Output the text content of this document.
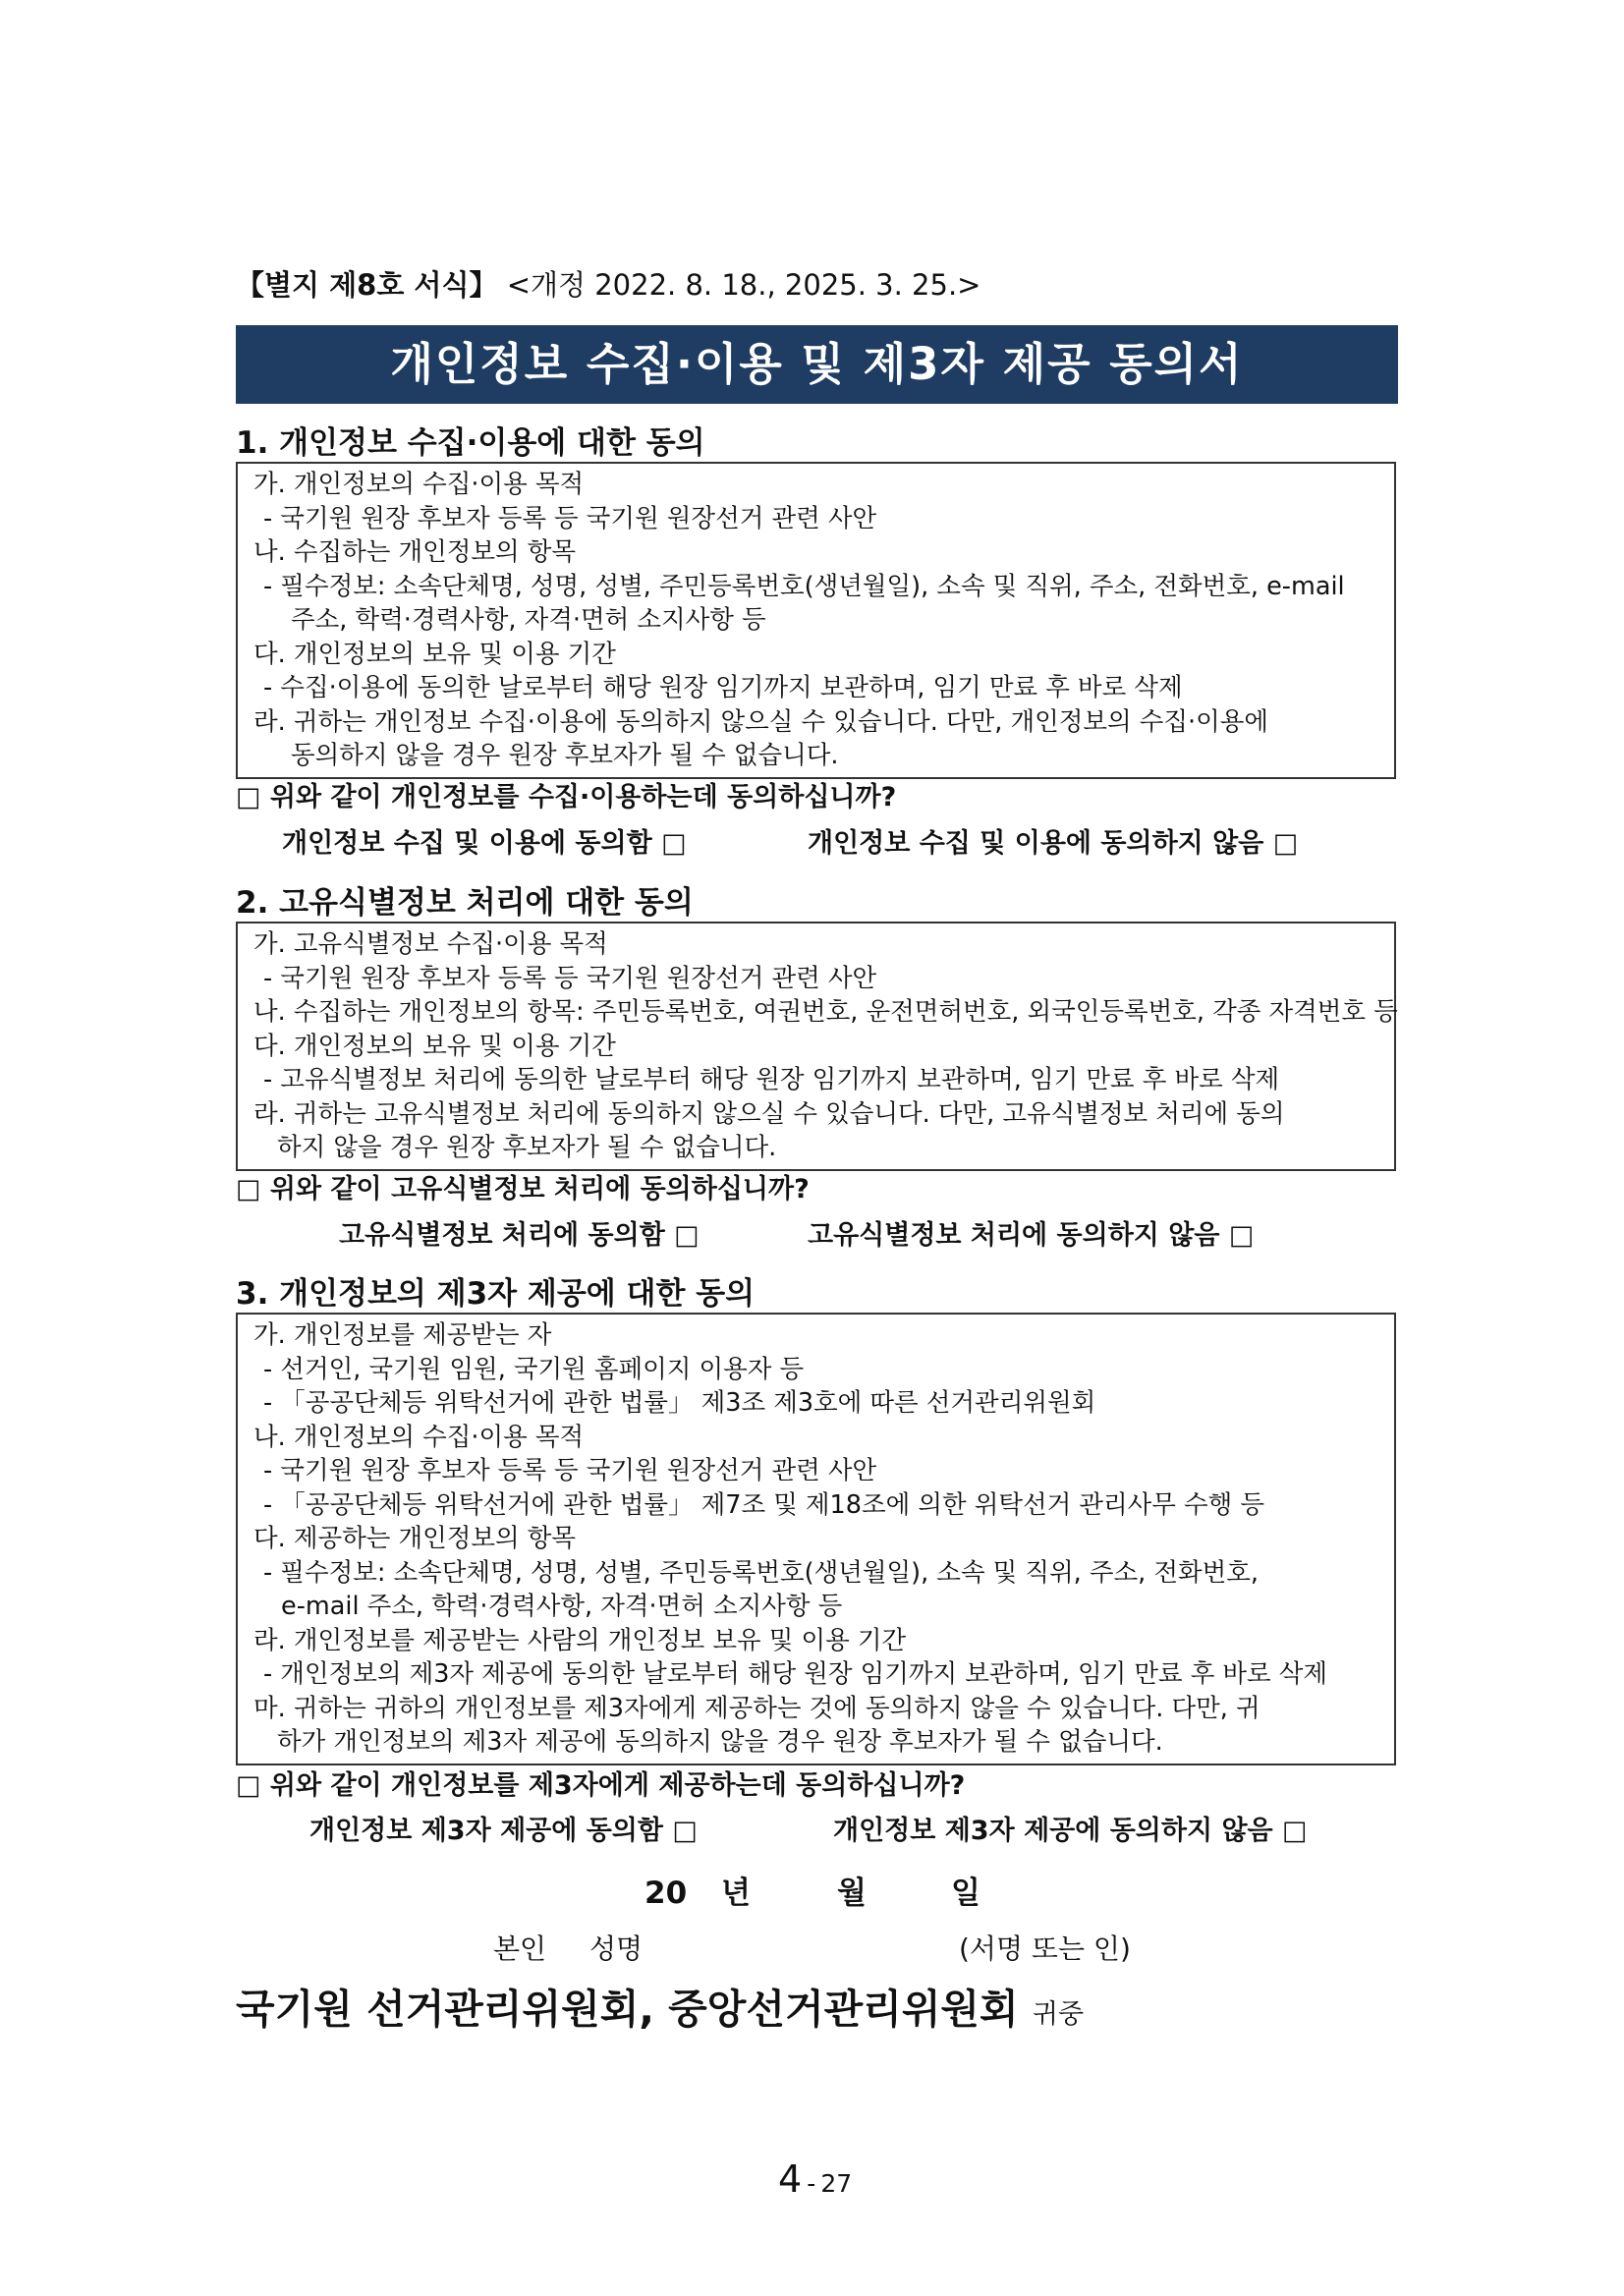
【별지 제8호 서식】 <개정 2022. 8. 18., 2025. 3. 25.>
개인정보 수집·이용 및 제3자 제공 동의서
1. 개인정보 수집·이용에 대한 동의
가. 개인정보의 수집·이용 목적
- 국기원 원장 후보자 등록 등 국기원 원장선거 관련 사안
나. 수집하는 개인정보의 항목
- 필수정보: 소속단체명, 성명, 성별, 주민등록번호(생년월일), 소속 및 직위, 주소, 전화번호, e-mail
주소, 학력·경력사항, 자격·면허 소지사항 등
다. 개인정보의 보유 및 이용 기간
- 수집·이용에 동의한 날로부터 해당 원장 임기까지 보관하며, 임기 만료 후 바로 삭제
라. 귀하는 개인정보 수집·이용에 동의하지 않으실 수 있습니다. 다만, 개인정보의 수집·이용에
동의하지 않을 경우 원장 후보자가 될 수 없습니다.
□ 위와 같이 개인정보를 수집·이용하는데 동의하십니까?
개인정보 수집 및 이용에 동의함 □	개인정보 수집 및 이용에 동의하지 않음 □
2. 고유식별정보 처리에 대한 동의
가. 고유식별정보 수집·이용 목적
- 국기원 원장 후보자 등록 등 국기원 원장선거 관련 사안
나. 수집하는 개인정보의 항목: 주민등록번호, 여권번호, 운전면허번호, 외국인등록번호, 각종 자격번호 등
다. 개인정보의 보유 및 이용 기간
- 고유식별정보 처리에 동의한 날로부터 해당 원장 임기까지 보관하며, 임기 만료 후 바로 삭제
라. 귀하는 고유식별정보 처리에 동의하지 않으실 수 있습니다. 다만, 고유식별정보 처리에 동의
하지 않을 경우 원장 후보자가 될 수 없습니다.
□ 위와 같이 고유식별정보 처리에 동의하십니까?
고유식별정보 처리에 동의함 □	고유식별정보 처리에 동의하지 않음 □
3. 개인정보의 제3자 제공에 대한 동의
가. 개인정보를 제공받는 자
- 선거인, 국기원 임원, 국기원 홈페이지 이용자 등
- 「공공단체등 위탁선거에 관한 법률」 제3조 제3호에 따른 선거관리위원회
나. 개인정보의 수집·이용 목적
- 국기원 원장 후보자 등록 등 국기원 원장선거 관련 사안
- 「공공단체등 위탁선거에 관한 법률」 제7조 및 제18조에 의한 위탁선거 관리사무 수행 등
다. 제공하는 개인정보의 항목
- 필수정보: 소속단체명, 성명, 성별, 주민등록번호(생년월일), 소속 및 직위, 주소, 전화번호,
e-mail 주소, 학력·경력사항, 자격·면허 소지사항 등
라. 개인정보를 제공받는 사람의 개인정보 보유 및 이용 기간
- 개인정보의 제3자 제공에 동의한 날로부터 해당 원장 임기까지 보관하며, 임기 만료 후 바로 삭제
마. 귀하는 귀하의 개인정보를 제3자에게 제공하는 것에 동의하지 않을 수 있습니다. 다만, 귀
하가 개인정보의 제3자 제공에 동의하지 않을 경우 원장 후보자가 될 수 없습니다.
□ 위와 같이 개인정보를 제3자에게 제공하는데 동의하십니까?
개인정보 제3자 제공에 동의함 □	개인정보 제3자 제공에 동의하지 않음 □
20 년	월	일
본인 성명	(서명 또는 인)
국기원 선거관리위원회, 중앙선거관리위원회 귀중
4 - 27
